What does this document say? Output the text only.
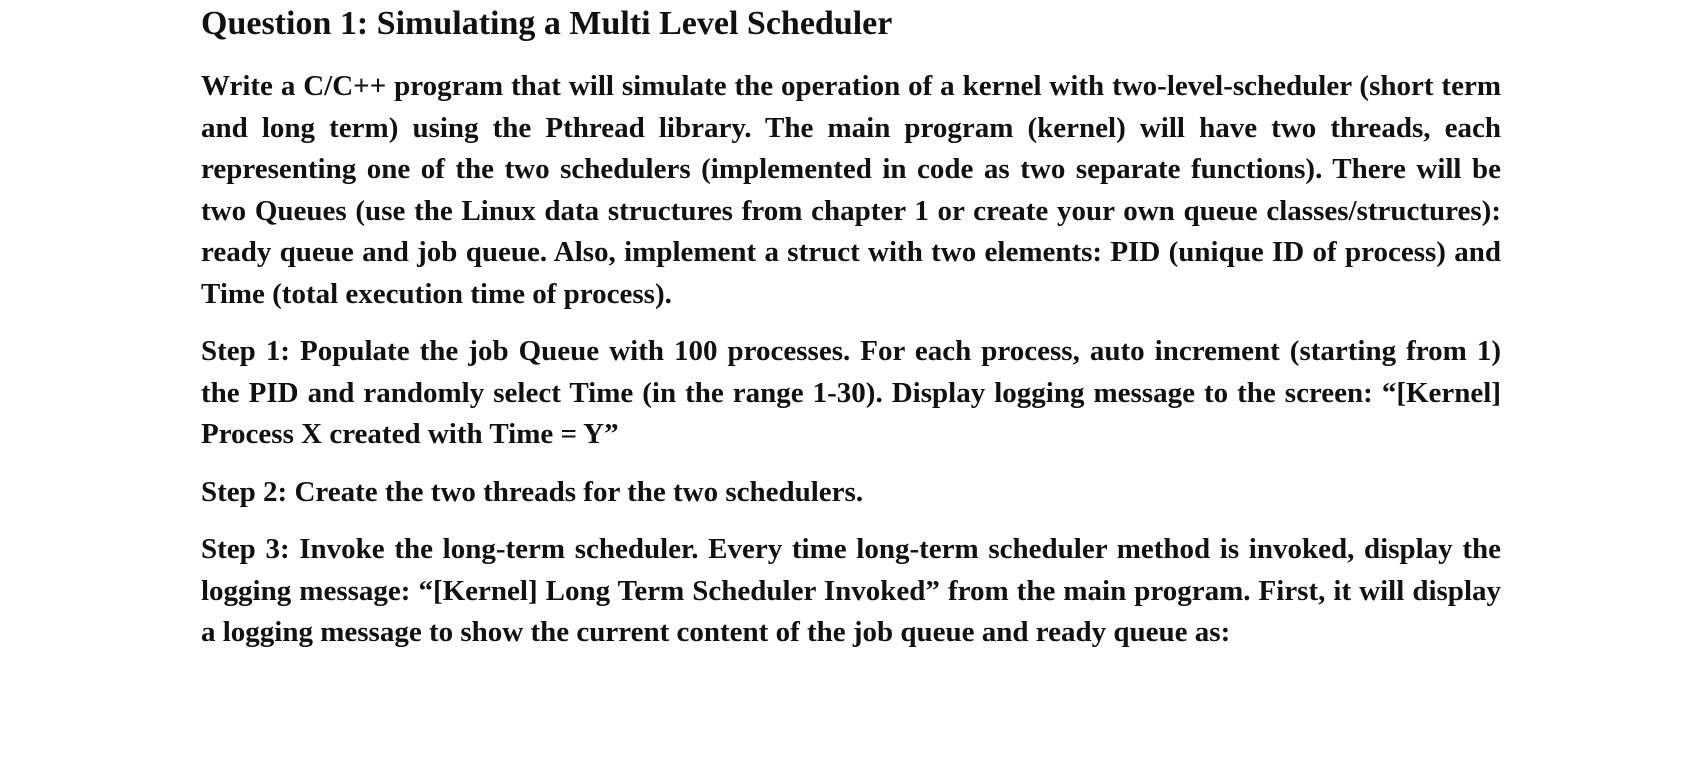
Question 1: Simulating a Multi Level Scheduler

Write a C/C++ program that will simulate the operation of a kernel with two-level-scheduler (short term and long term) using the Pthread library. The main program (kernel) will have two threads, each representing one of the two schedulers (implemented in code as two separate functions). There will be two Queues (use the Linux data structures from chapter 1 or create your own queue classes/structures): ready queue and job queue. Also, implement a struct with two elements: PID (unique ID of process) and Time (total execution time of process).

Step 1: Populate the job Queue with 100 processes. For each process, auto increment (starting from 1) the PID and randomly select Time (in the range 1-30). Display logging message to the screen: “[Kernel] Process X created with Time = Y”

Step 2: Create the two threads for the two schedulers.

Step 3: Invoke the long-term scheduler. Every time long-term scheduler method is invoked, display the logging message: “[Kernel] Long Term Scheduler Invoked” from the main program. First, it will display a logging message to show the current content of the job queue and ready queue as:
